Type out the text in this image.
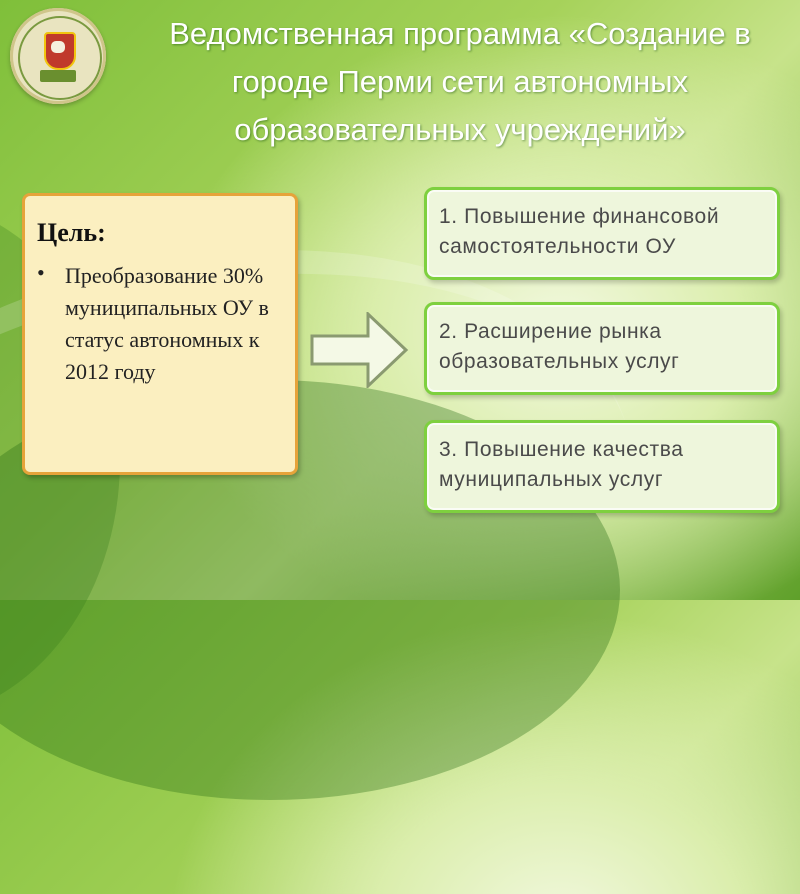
Ведомственная программа «Создание в
городе Перми сети автономных
образовательных учреждений»
Цель:
• Преобразование 30% муниципальных ОУ в статус автономных к 2012 году
1. Повышение финансовой
самостоятельности ОУ
2. Расширение рынка
образовательных услуг
3. Повышение качества
муниципальных услуг
